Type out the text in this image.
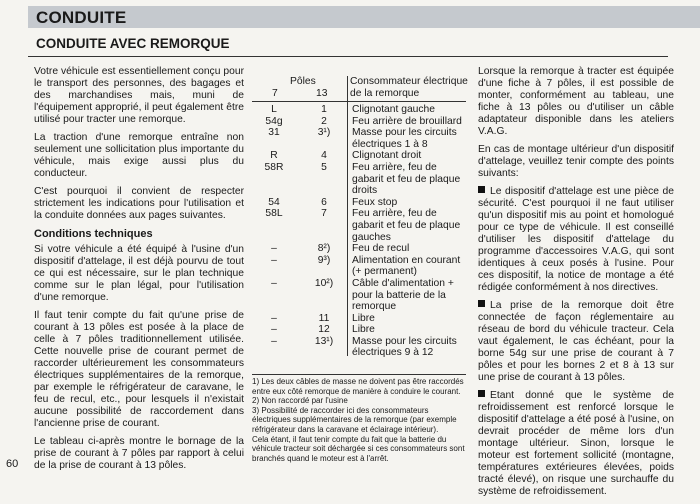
CONDUITE
CONDUITE AVEC REMORQUE

Votre véhicule est essentiellement conçu pour le transport des personnes, des bagages et des marchandises mais, muni de l'équipement approprié, il peut également être utilisé pour tracter une remorque.

La traction d'une remorque entraîne non seulement une sollicitation plus importante du véhicule, mais exige aussi plus du conducteur.

C'est pourquoi il convient de respecter strictement les indications pour l'utilisation et la conduite données aux pages suivantes.

Conditions techniques

Si votre véhicule a été équipé à l'usine d'un dispositif d'attelage, il est déjà pourvu de tout ce qui est nécessaire, sur le plan technique comme sur le plan légal, pour l'utilisation d'une remorque.

Il faut tenir compte du fait qu'une prise de courant à 13 pôles est posée à la place de celle à 7 pôles traditionnellement utilisée. Cette nouvelle prise de courant permet de raccorder ultérieurement les consommateurs électriques supplémentaires de la remorque, par exemple le réfrigérateur de caravane, le feu de recul, etc., pour lesquels il n'existait aucune possibilité de raccordement dans l'ancienne prise de courant.

Le tableau ci-après montre le bornage de la prise de courant à 7 pôles par rapport à celui de la prise de courant à 13 pôles.

Pôles
7	13
Consommateur électrique de la remorque
L	1	Clignotant gauche
54g	2	Feu arrière de brouillard
31	3¹)	Masse pour les circuits électriques 1 à 8
R	4	Clignotant droit
58R	5	Feu arrière, feu de gabarit et feu de plaque droits
54	6	Feux stop
58L	7	Feu arrière, feu de gabarit et feu de plaque gauches
–	8²)	Feu de recul
–	9³)	Alimentation en courant (+ permanent)
–	10²)	Câble d'alimentation + pour la batterie de la remorque
–	11	Libre
–	12	Libre
–	13¹)	Masse pour les circuits électriques 9 à 12

1) Les deux câbles de masse ne doivent pas être raccordés entre eux côté remorque de manière à conduire le courant.

2) Non raccordé par l'usine

3) Possibilité de raccorder ici des consommateurs électriques supplémentaires de la remorque (par exemple réfrigérateur dans la caravane et éclairage intérieur).

Cela étant, il faut tenir compte du fait que la batterie du véhicule tracteur soit déchargée si ces consommateurs sont branchés quand le moteur est à l'arrêt.

Lorsque la remorque à tracter est équipée d'une fiche à 7 pôles, il est possible de monter, conformément au tableau, une fiche à 13 pôles ou d'utiliser un câble adaptateur disponible dans les ateliers V.A.G.

En cas de montage ultérieur d'un dispositif d'attelage, veuillez tenir compte des points suivants:

Le dispositif d'attelage est une pièce de sécurité. C'est pourquoi il ne faut utiliser qu'un dispositif mis au point et homologué pour ce type de véhicule. Il est conseillé d'utiliser les dispositif d'attelage du programme d'accessoires V.A.G, qui sont identiques à ceux posés à l'usine. Pour ces dispositif, la notice de montage a été rédigée conformément à nos directives.

La prise de la remorque doit être connectée de façon réglementaire au réseau de bord du véhicule tracteur. Cela vaut également, le cas échéant, pour la borne 54g sur une prise de courant à 7 pôles et pour les bornes 2 et 8 à 13 sur une prise de courant à 13 pôles.

Etant donné que le système de refroidissement est renforcé lorsque le dispositif d'attelage a été posé à l'usine, on devrait procéder de même lors d'un montage ultérieur. Sinon, lorsque le moteur est fortement sollicité (montagne, températures extérieures élevées, poids tracté élevé), on risque une surchauffe du système de refroidissement.

60
